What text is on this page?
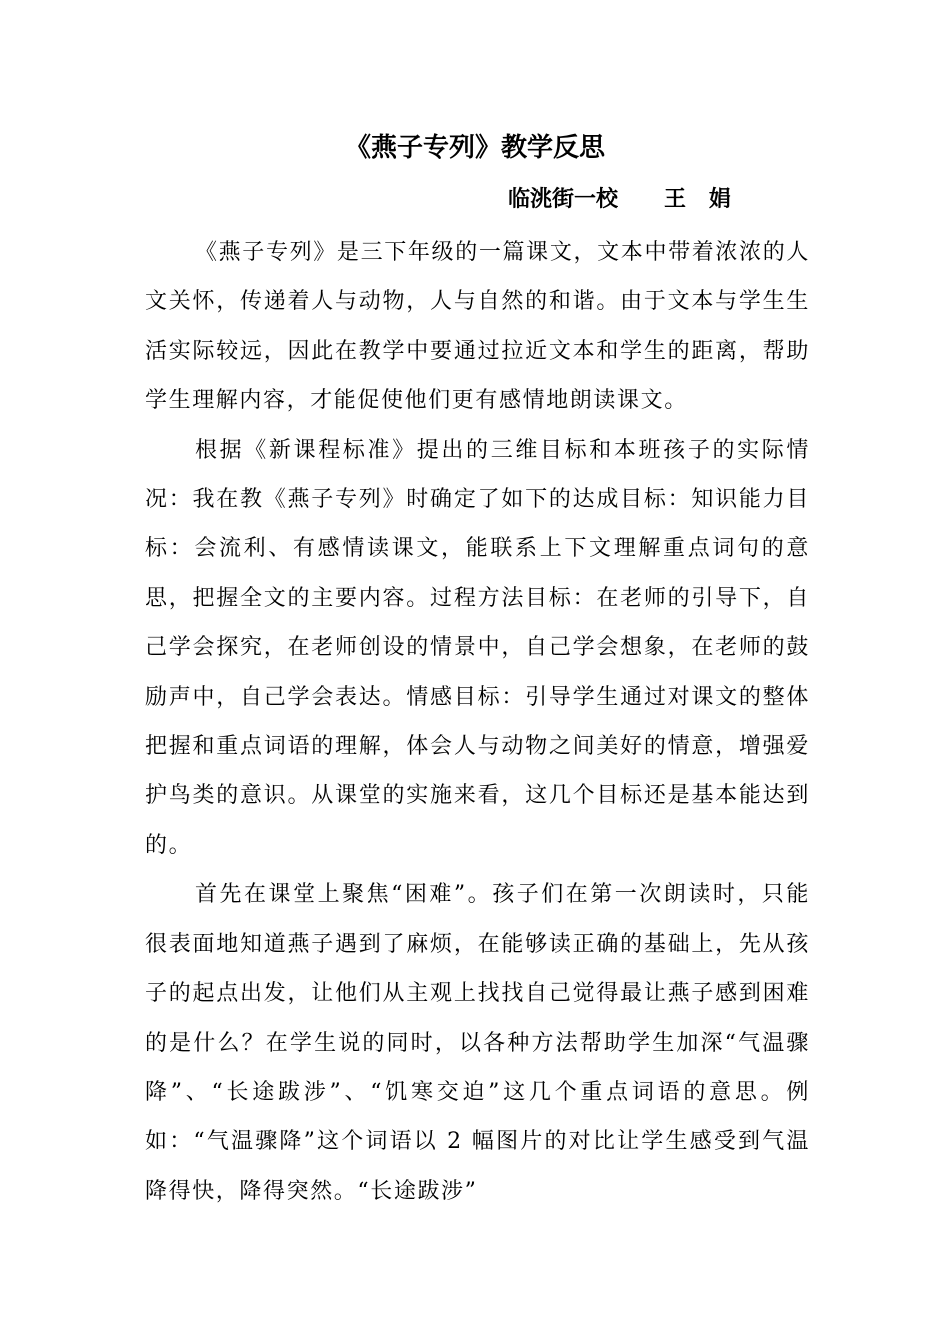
《燕子专列》教学反思
临洮街一校      王   娟

《燕子专列》是三下年级的一篇课文，文本中带着浓浓的人文关怀，传递着人与动物，人与自然的和谐。由于文本与学生生活实际较远，因此在教学中要通过拉近文本和学生的距离，帮助学生理解内容，才能促使他们更有感情地朗读课文。

根据《新课程标准》提出的三维目标和本班孩子的实际情况：我在教《燕子专列》时确定了如下的达成目标：知识能力目标：会流利、有感情读课文，能联系上下文理解重点词句的意思，把握全文的主要内容。过程方法目标：在老师的引导下，自己学会探究，在老师创设的情景中，自己学会想象，在老师的鼓励声中，自己学会表达。情感目标：引导学生通过对课文的整体把握和重点词语的理解，体会人与动物之间美好的情意，增强爱护鸟类的意识。从课堂的实施来看，这几个目标还是基本能达到的。

首先在课堂上聚焦“困难”。孩子们在第一次朗读时，只能很表面地知道燕子遇到了麻烦，在能够读正确的基础上，先从孩子的起点出发，让他们从主观上找找自己觉得最让燕子感到困难的是什么？在学生说的同时，以各种方法帮助学生加深“气温骤降”、“长途跋涉”、“饥寒交迫”这几个重点词语的意思。例如：“气温骤降”这个词语以 2 幅图片的对比让学生感受到气温降得快，降得突然。“长途跋涉”
